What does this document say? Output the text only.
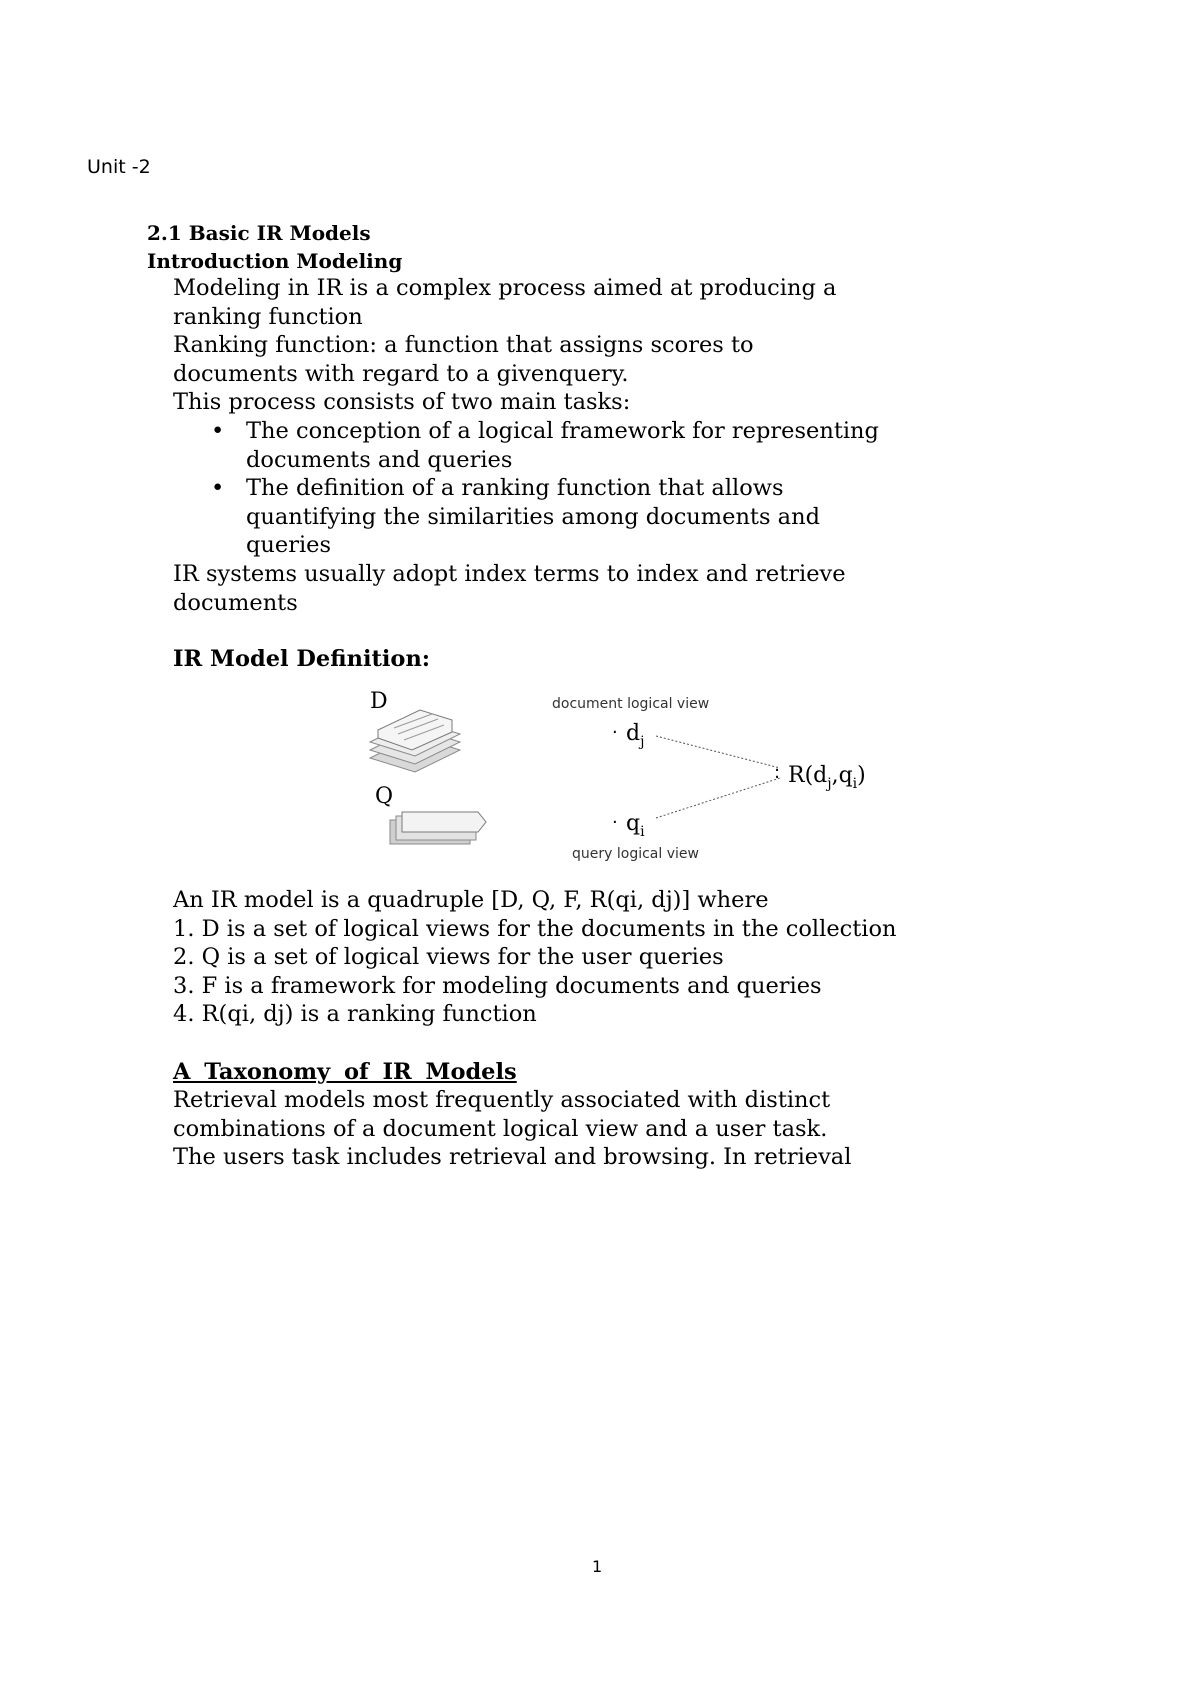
Unit -2
2.1 Basic IR Models
Introduction Modeling

Modeling in IR is a complex process aimed at producing a

ranking function

Ranking function: a function that assigns scores to

documents with regard to a givenquery.

This process consists of two main tasks:

• The conception of a logical framework for representing
documents and queries
• The definition of a ranking function that allows
quantifying the similarities among documents and
queries

IR systems usually adopt index terms to index and retrieve

documents

IR Model Definition:
D
Q
document logical view
· $d_j$
: $R(d_j,q_i)$
· $q_i$
query logical view

An IR model is a quadruple [D, Q, F, R(qi, dj)] where

1. D is a set of logical views for the documents in the collection

2. Q is a set of logical views for the user queries

3. F is a framework for modeling documents and queries

4. R(qi, dj) is a ranking function

A Taxonomy of IR Models

Retrieval models most frequently associated with distinct

combinations of a document logical view and a user task.

The users task includes retrieval and browsing. In retrieval

1
